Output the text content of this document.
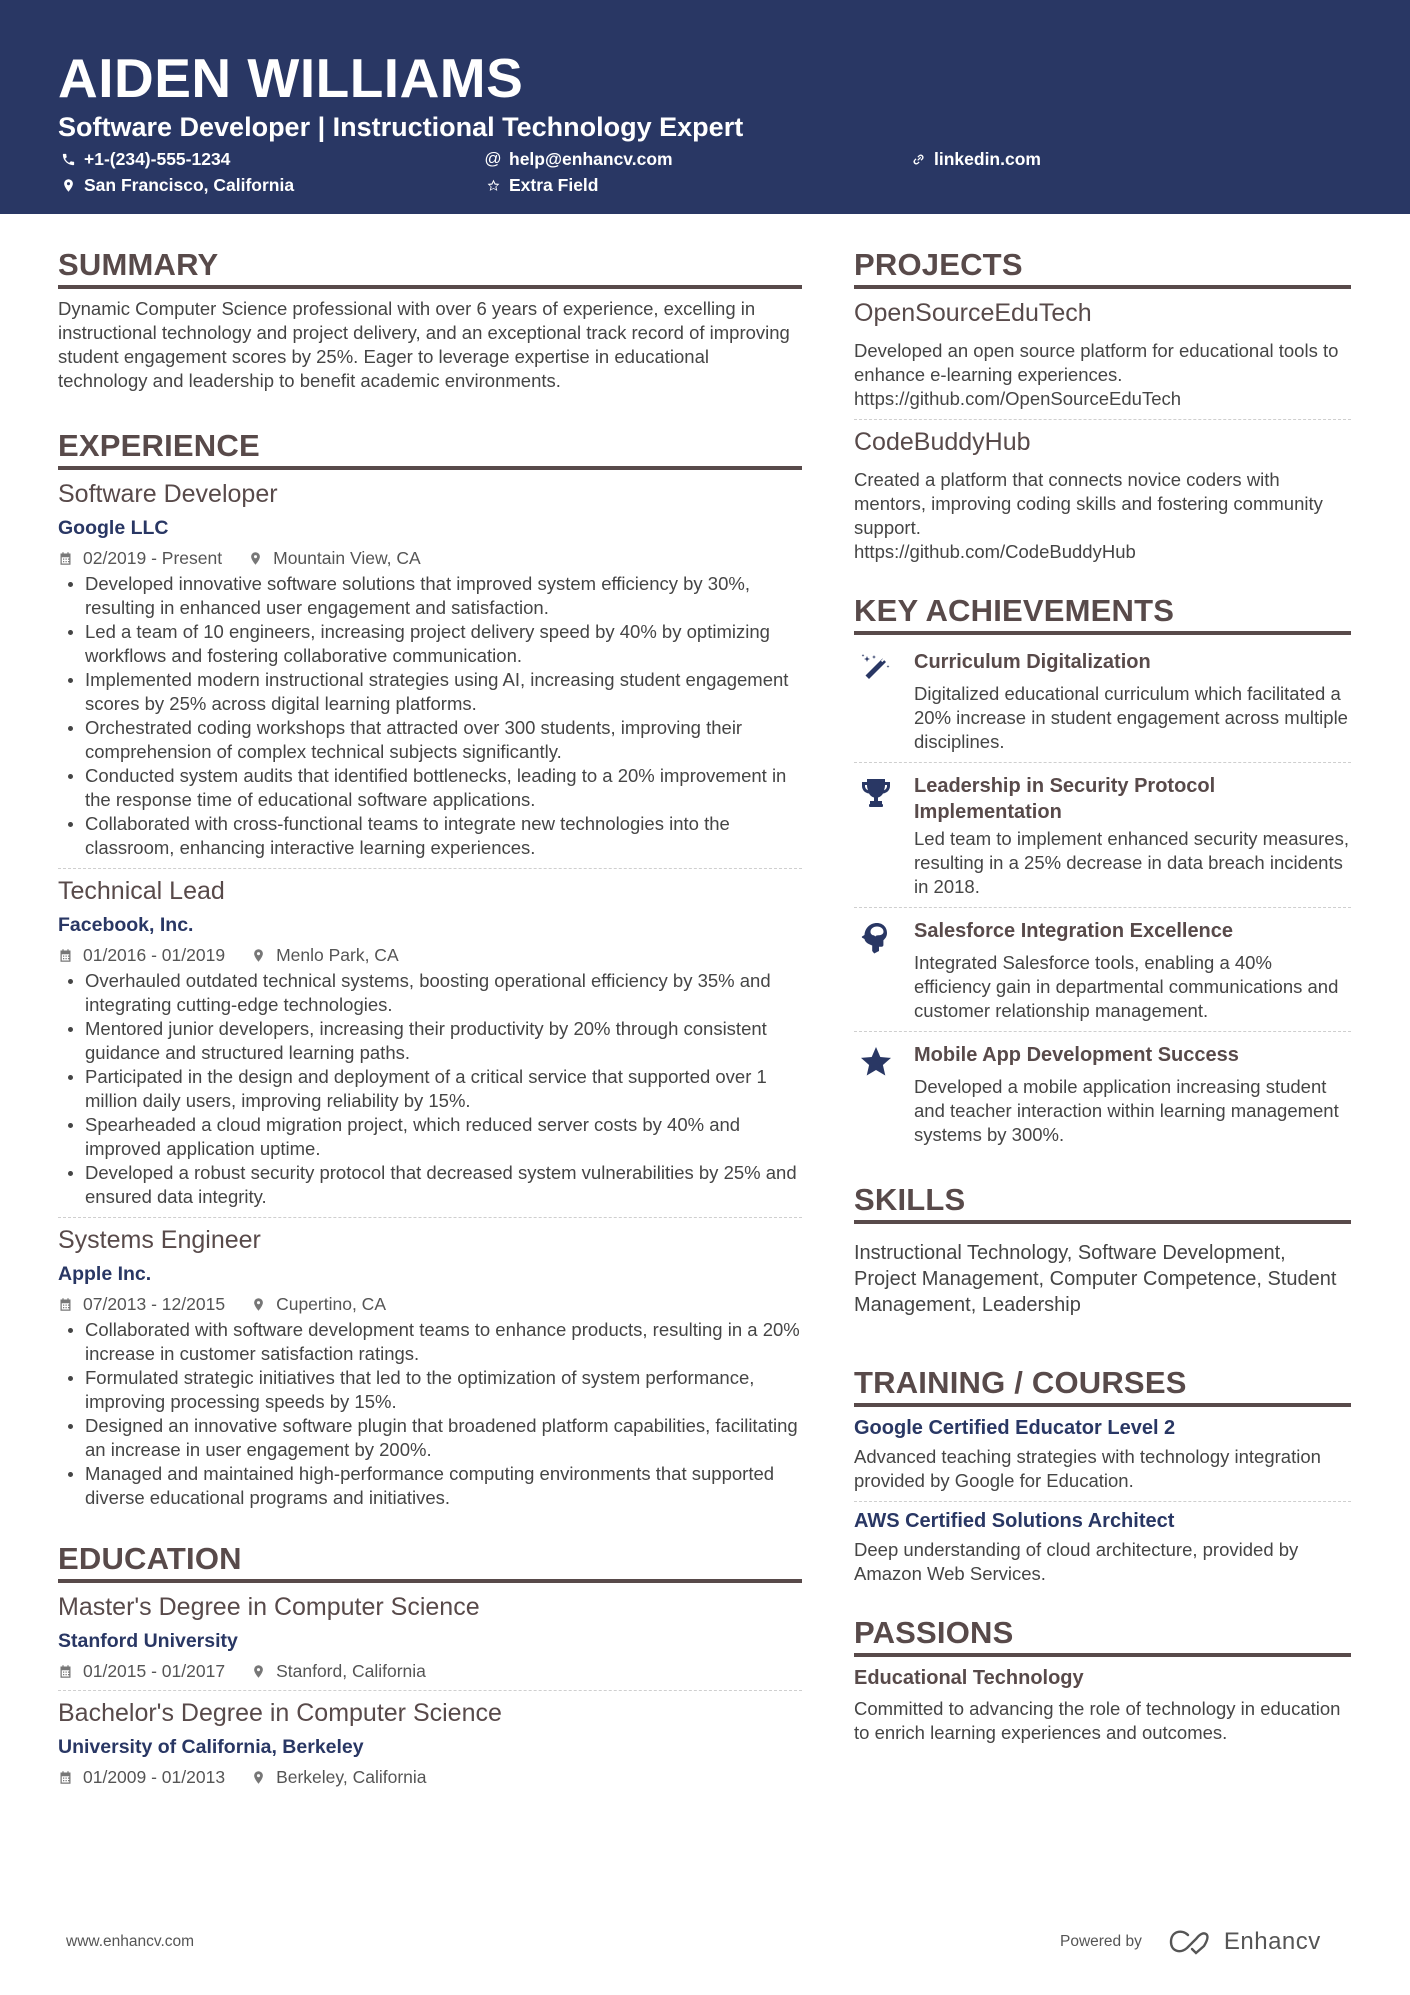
AIDEN WILLIAMS
Software Developer | Instructional Technology Expert
+1-(234)-555-1234	@ help@enhancv.com	linkedin.com
San Francisco, California	Extra Field
SUMMARY
Dynamic Computer Science professional with over 6 years of experience, excelling in instructional technology and project delivery, and an exceptional track record of improving student engagement scores by 25%. Eager to leverage expertise in educational technology and leadership to benefit academic environments.
EXPERIENCE
Software Developer
Google LLC
02/2019 - Present	Mountain View, CA
Developed innovative software solutions that improved system efficiency by 30%, resulting in enhanced user engagement and satisfaction.
Led a team of 10 engineers, increasing project delivery speed by 40% by optimizing workflows and fostering collaborative communication.
Implemented modern instructional strategies using AI, increasing student engagement scores by 25% across digital learning platforms.
Orchestrated coding workshops that attracted over 300 students, improving their comprehension of complex technical subjects significantly.
Conducted system audits that identified bottlenecks, leading to a 20% improvement in the response time of educational software applications.
Collaborated with cross-functional teams to integrate new technologies into the classroom, enhancing interactive learning experiences.
Technical Lead
Facebook, Inc.
01/2016 - 01/2019	Menlo Park, CA
Overhauled outdated technical systems, boosting operational efficiency by 35% and integrating cutting-edge technologies.
Mentored junior developers, increasing their productivity by 20% through consistent guidance and structured learning paths.
Participated in the design and deployment of a critical service that supported over 1 million daily users, improving reliability by 15%.
Spearheaded a cloud migration project, which reduced server costs by 40% and improved application uptime.
Developed a robust security protocol that decreased system vulnerabilities by 25% and ensured data integrity.
Systems Engineer
Apple Inc.
07/2013 - 12/2015	Cupertino, CA
Collaborated with software development teams to enhance products, resulting in a 20% increase in customer satisfaction ratings.
Formulated strategic initiatives that led to the optimization of system performance, improving processing speeds by 15%.
Designed an innovative software plugin that broadened platform capabilities, facilitating an increase in user engagement by 200%.
Managed and maintained high-performance computing environments that supported diverse educational programs and initiatives.
EDUCATION
Master's Degree in Computer Science
Stanford University
01/2015 - 01/2017	Stanford, California
Bachelor's Degree in Computer Science
University of California, Berkeley
01/2009 - 01/2013	Berkeley, California
PROJECTS
OpenSourceEduTech
Developed an open source platform for educational tools to enhance e-learning experiences.
https://github.com/OpenSourceEduTech
CodeBuddyHub
Created a platform that connects novice coders with mentors, improving coding skills and fostering community support.
https://github.com/CodeBuddyHub
KEY ACHIEVEMENTS
Curriculum Digitalization
Digitalized educational curriculum which facilitated a 20% increase in student engagement across multiple disciplines.
Leadership in Security Protocol Implementation
Led team to implement enhanced security measures, resulting in a 25% decrease in data breach incidents in 2018.
Salesforce Integration Excellence
Integrated Salesforce tools, enabling a 40% efficiency gain in departmental communications and customer relationship management.
Mobile App Development Success
Developed a mobile application increasing student and teacher interaction within learning management systems by 300%.
SKILLS
Instructional Technology, Software Development, Project Management, Computer Competence, Student Management, Leadership
TRAINING / COURSES
Google Certified Educator Level 2
Advanced teaching strategies with technology integration provided by Google for Education.
AWS Certified Solutions Architect
Deep understanding of cloud architecture, provided by Amazon Web Services.
PASSIONS
Educational Technology
Committed to advancing the role of technology in education to enrich learning experiences and outcomes.
www.enhancv.com	Powered by	Enhancv
